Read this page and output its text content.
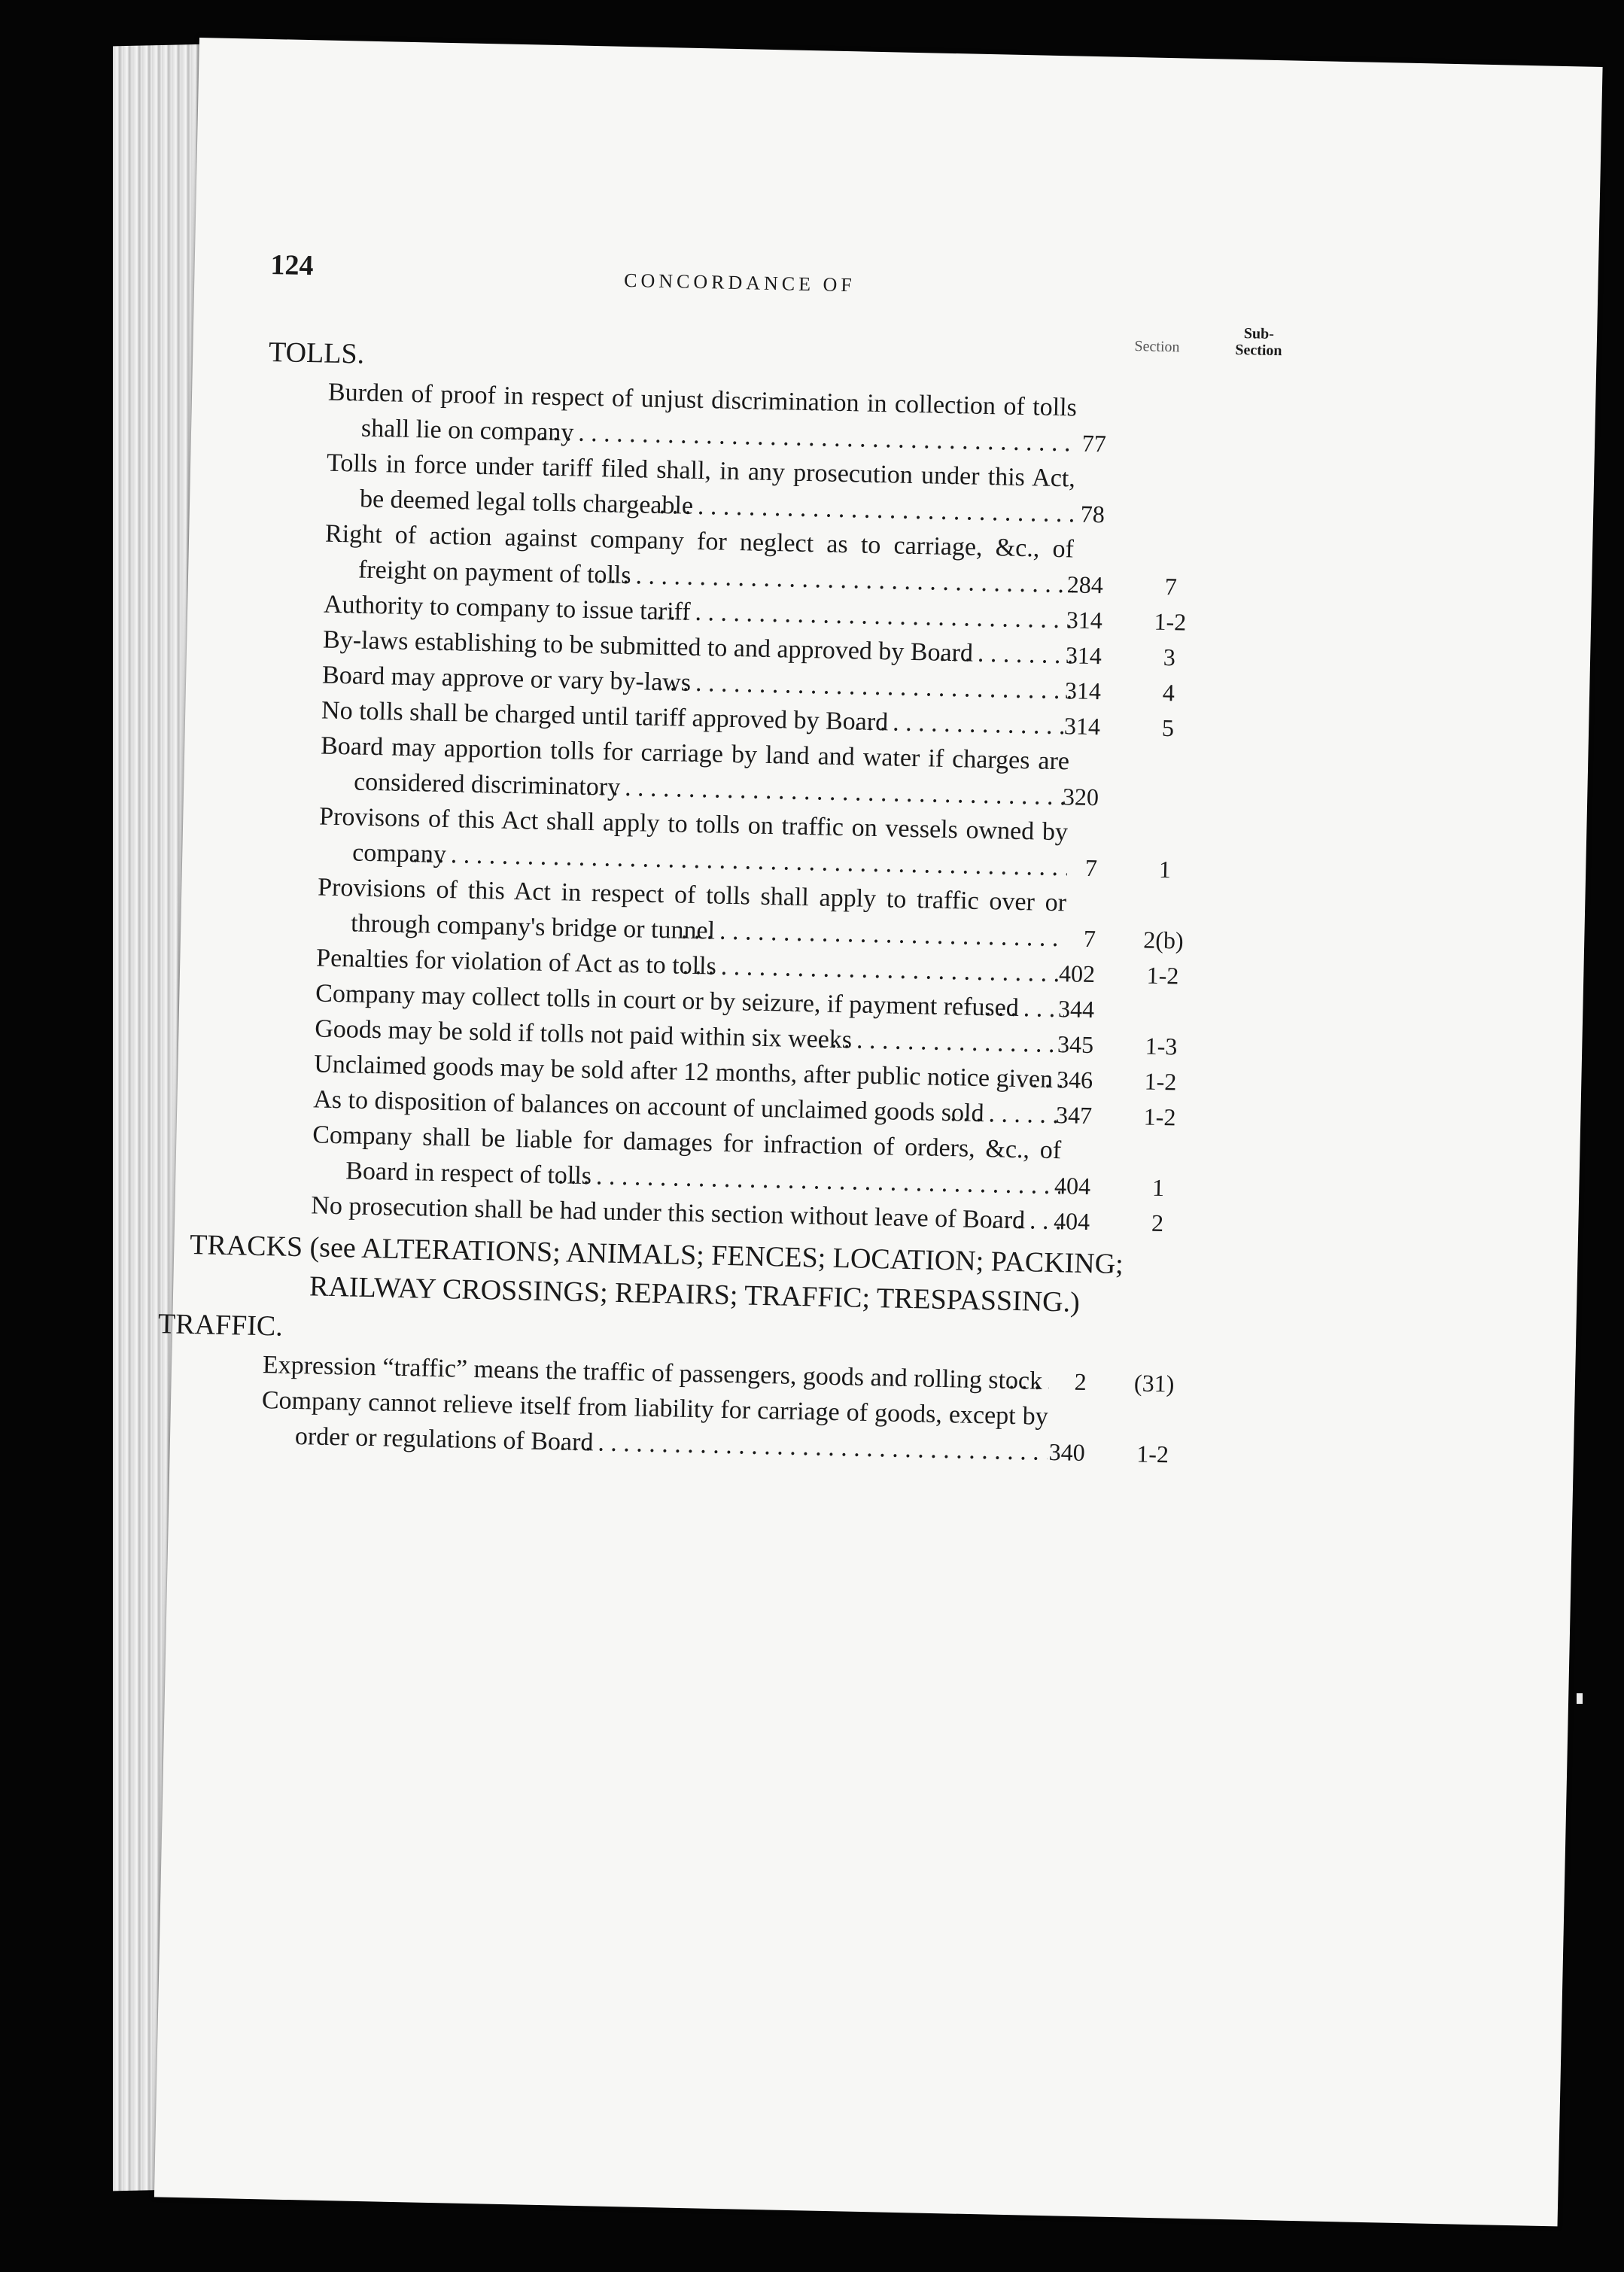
124
CONCORDANCE OF
Section
Sub-
Section
TOLLS.
Burden of proof in respect of unjust discrimination in collection of tolls shall lie on company . . .	77
Tolls in force under tariff filed shall, in any prosecution under this Act, be deemed legal tolls chargeable . . .	78
Right of action against company for neglect as to carriage, &c., of freight on payment of tolls . . .	284	7
Authority to company to issue tariff . . .	314	1-2
By-laws establishing to be submitted to and approved by Board . . .	314	3
Board may approve or vary by-laws . . .	314	4
No tolls shall be charged until tariff approved by Board . . .	314	5
Board may apportion tolls for carriage by land and water if charges are considered discriminatory . . .	320
Provisons of this Act shall apply to tolls on traffic on vessels owned by company . . .	7	1
Provisions of this Act in respect of tolls shall apply to traffic over or through company's bridge or tunnel . . .	7	2(b)
Penalties for violation of Act as to tolls . . .	402	1-2
Company may collect tolls in court or by seizure, if payment refused . . .	344
Goods may be sold if tolls not paid within six weeks . . .	345	1-3
Unclaimed goods may be sold after 12 months, after public notice given . . . 346	1-2
As to disposition of balances on account of unclaimed goods sold . . .	347	1-2
Company shall be liable for damages for infraction of orders, &c., of Board in respect of tolls . . .	404	1
No prosecution shall be had under this section without leave of Board . . .	404	2
TRACKS (see ALTERATIONS; ANIMALS; FENCES; LOCATION; PACKING; RAILWAY CROSSINGS; REPAIRS; TRAFFIC; TRESPASSING.)
TRAFFIC.
Expression “traffic” means the traffic of passengers, goods and rolling stock . . .	2	(31)
Company cannot relieve itself from liability for carriage of goods, except by order or regulations of Board . . .	340	1-2
